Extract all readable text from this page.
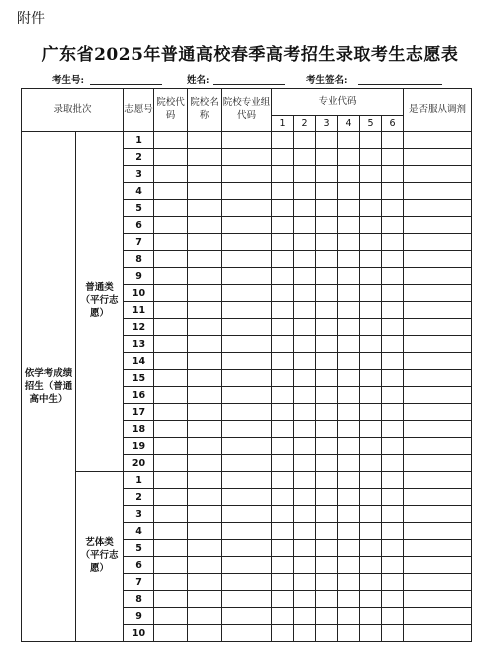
附件
广东省2025年普通高校春季高考招生录取考生志愿表
考生号:	姓名:	考生签名:
录取批次		志愿号	院校代码	院校名称	院校专业组代码	专业代码						是否服从调剂
						1	2	3	4	5	6	
依学考成绩招生（普通高中生）	普通类（平行志愿）	1										
		2										
		3										
		4										
		5										
		6										
		7										
		8										
		9										
		10										
		11										
		12										
		13										
		14										
		15										
		16										
		17										
		18										
		19										
		20										
	艺体类（平行志愿）	1										
		2										
		3										
		4										
		5										
		6										
		7										
		8										
		9										
		10										
